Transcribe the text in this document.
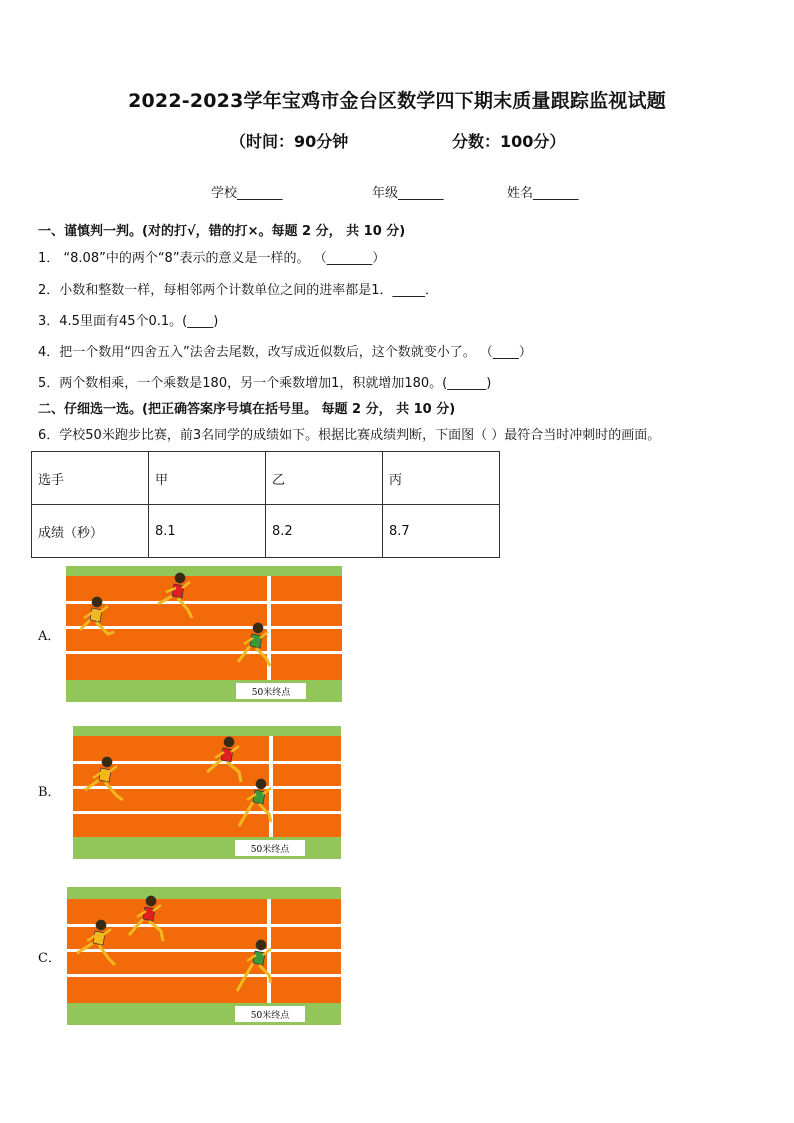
2022-2023学年宝鸡市金台区数学四下期末质量跟踪监视试题
（时间：90分钟	分数：100分）
学校_______	年级_______	姓名_______
一、谨慎判一判。(对的打√，错的打×。每题 2 分， 共 10 分)
1． “8.08”中的两个“8”表示的意义是一样的。 （_______）
2．小数和整数一样，每相邻两个计数单位之间的进率都是1．_____．
3．4.5里面有45个0.1。(____)
4．把一个数用“四舍五入”法舍去尾数，改写成近似数后，这个数就变小了。 （____）
5．两个数相乘，一个乘数是180，另一个乘数增加1，积就增加180。(______)
二、仔细选一选。(把正确答案序号填在括号里。 每题 2 分， 共 10 分)
6．学校50米跑步比赛，前3名同学的成绩如下。根据比赛成绩判断，下面图（ ）最符合当时冲刺时的画面。
选手	甲	乙	丙
成绩（秒）	8.1	8.2	8.7
A．
50米终点
B．
50米终点
C．
50米终点
